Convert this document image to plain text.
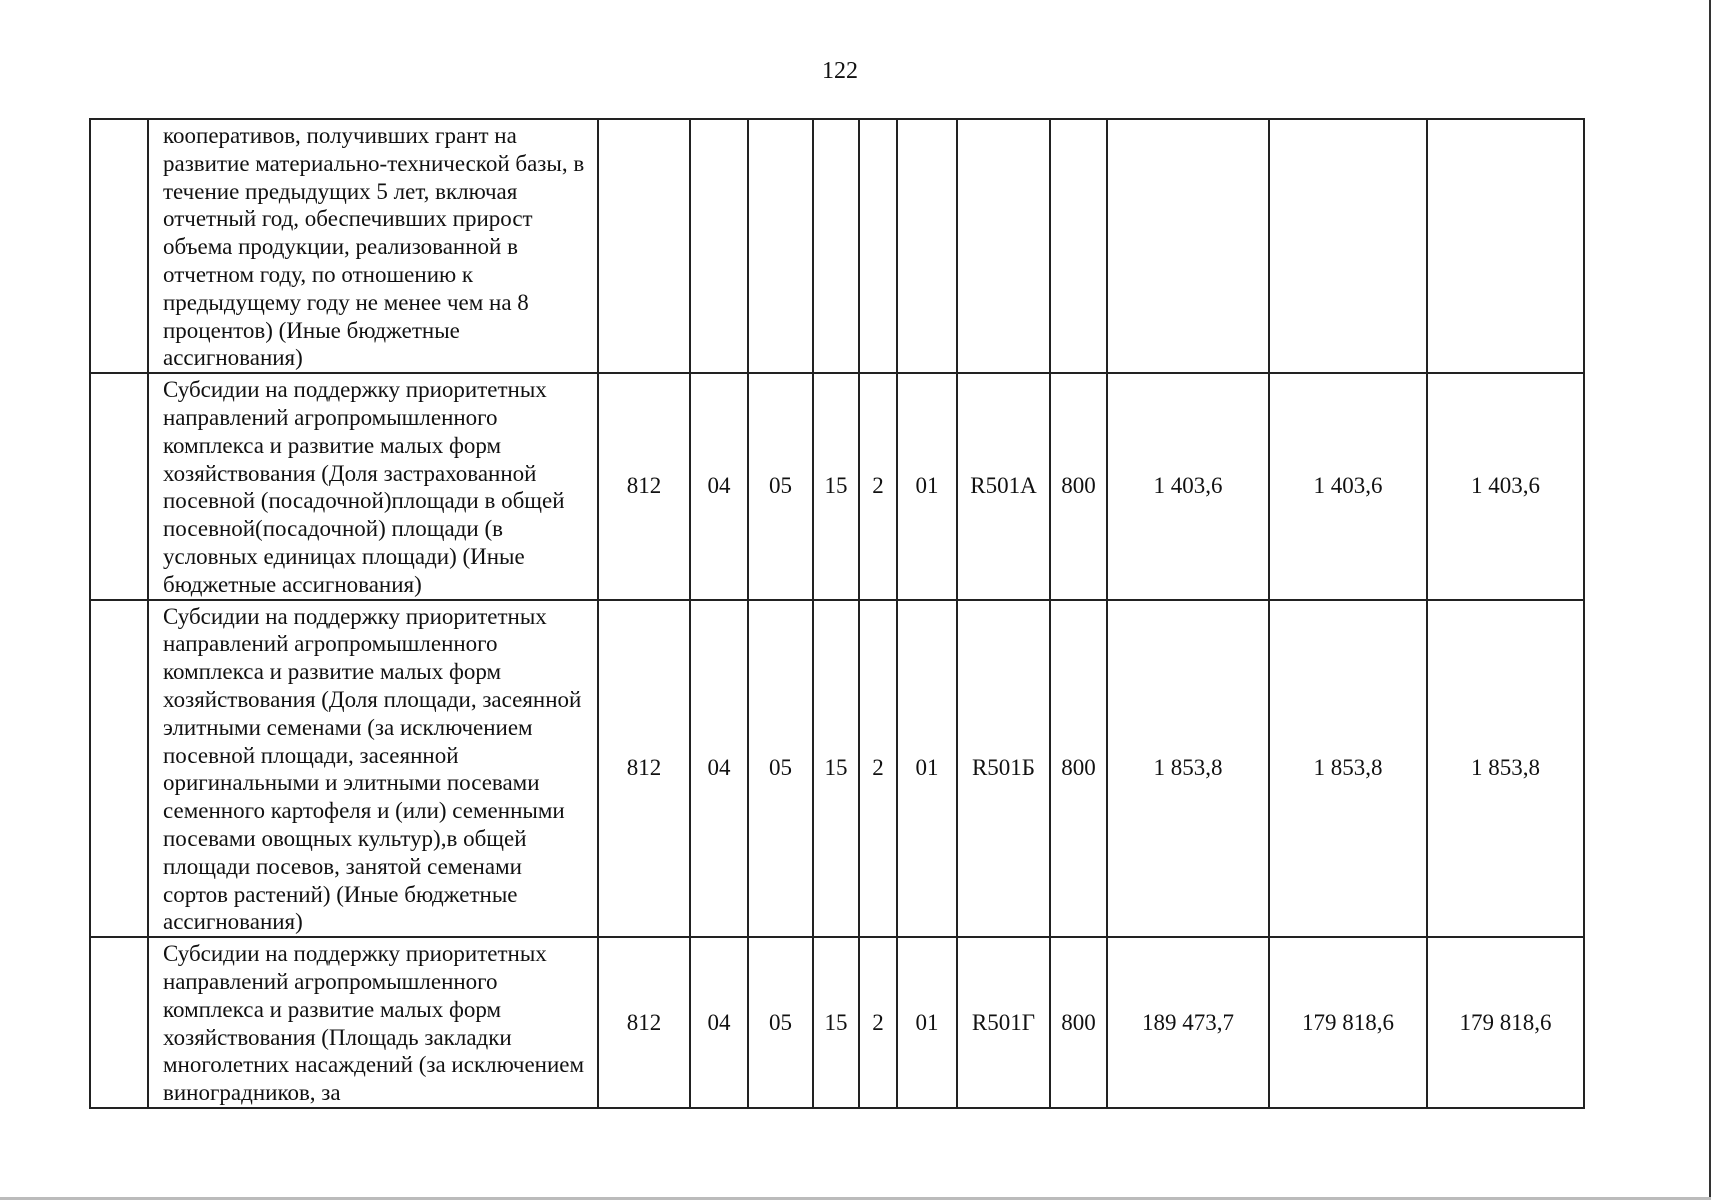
122
	кооперативов, получивших грант на развитие материально-технической базы, в течение предыдущих 5 лет, включая отчетный год, обеспечивших прирост объема продукции, реализованной в отчетном году, по отношению к предыдущему году не менее чем на 8 процентов) (Иные бюджетные ассигнования)											
	Субсидии на поддержку приоритетных направлений агропромышленного комплекса и развитие малых форм хозяйствования (Доля застрахованной посевной (посадочной)площади в общей посевной(посадочной) площади (в условных единицах площади) (Иные бюджетные ассигнования)	812	04	05	15	2	01	R501А	800	1 403,6	1 403,6	1 403,6
	Субсидии на поддержку приоритетных направлений агропромышленного комплекса и развитие малых форм хозяйствования (Доля площади, засеянной элитными семенами (за исключением посевной площади, засеянной оригинальными и элитными посевами семенного картофеля и (или) семенными посевами овощных культур),в общей площади посевов, занятой семенами сортов растений) (Иные бюджетные ассигнования)	812	04	05	15	2	01	R501Б	800	1 853,8	1 853,8	1 853,8
	Субсидии на поддержку приоритетных направлений агропромышленного комплекса и развитие малых форм хозяйствования (Площадь закладки многолетних насаждений (за исключением виноградников, за	812	04	05	15	2	01	R501Г	800	189 473,7	179 818,6	179 818,6
